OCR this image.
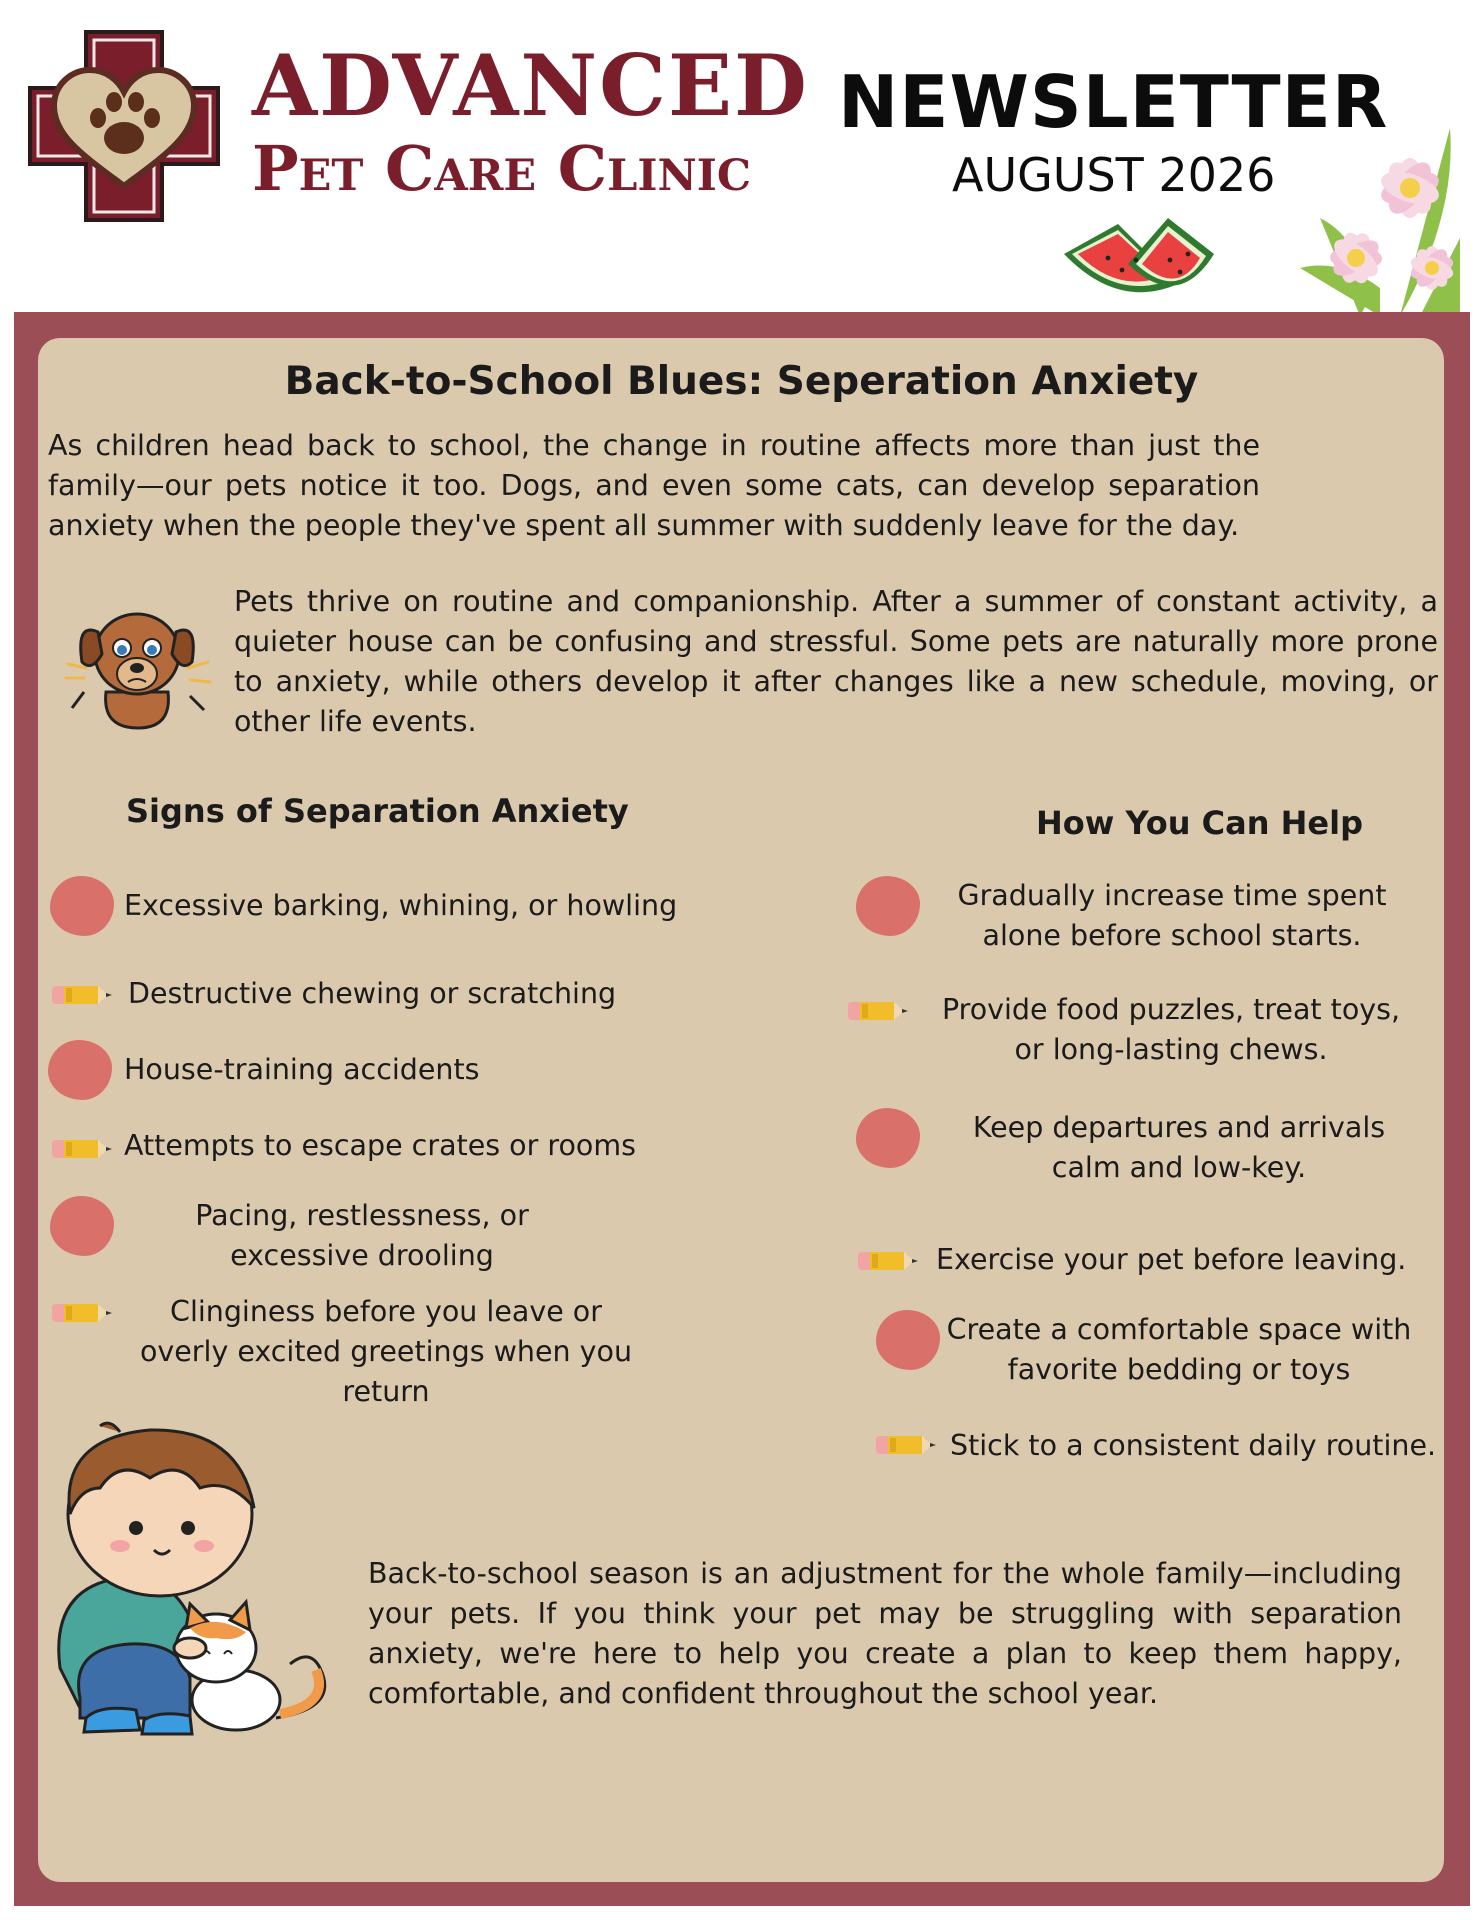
ADVANCED
Pet Care Clinic
NEWSLETTER
AUGUST 2026
Back-to-School Blues: Seperation Anxiety
As children head back to school, the change in routine affects more than just the family—our pets notice it too. Dogs, and even some cats, can develop separation anxiety when the people they've spent all summer with suddenly leave for the day.
Pets thrive on routine and companionship. After a summer of constant activity, a quieter house can be confusing and stressful. Some pets are naturally more prone to anxiety, while others develop it after changes like a new schedule, moving, or other life events.
Signs of Separation Anxiety
Excessive barking, whining, or howling
Destructive chewing or scratching
House-training accidents
Attempts to escape crates or rooms
Pacing, restlessness, or excessive drooling
Clinginess before you leave or overly excited greetings when you return
How You Can Help
Gradually increase time spent alone before school starts.
Provide food puzzles, treat toys, or long-lasting chews.
Keep departures and arrivals calm and low-key.
Exercise your pet before leaving.
Create a comfortable space with favorite bedding or toys
Stick to a consistent daily routine.
Back-to-school season is an adjustment for the whole family—including your pets. If you think your pet may be struggling with separation anxiety, we're here to help you create a plan to keep them happy, comfortable, and confident throughout the school year.
